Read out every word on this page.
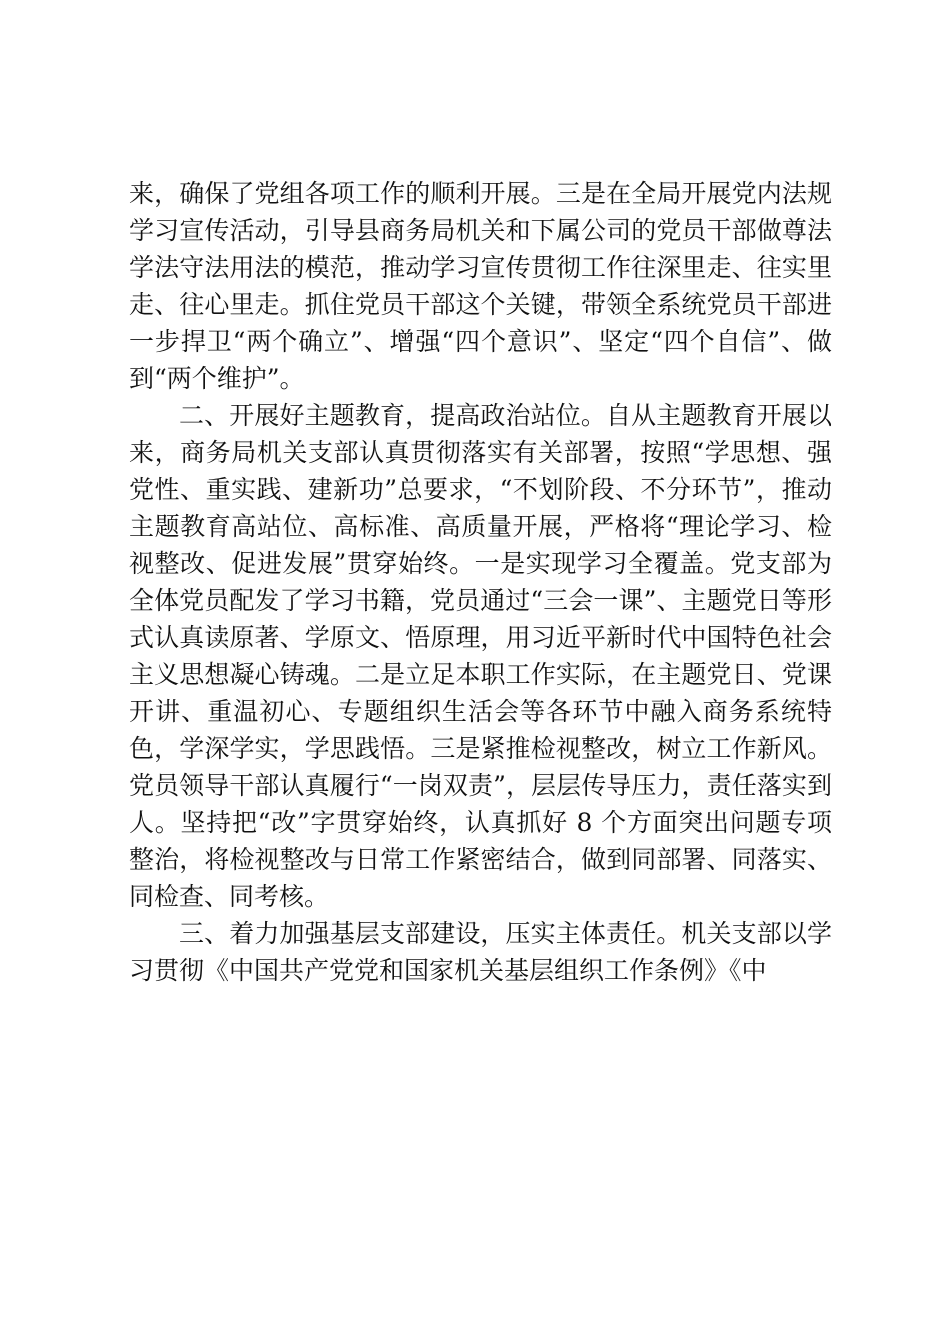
来，确保了党组各项工作的顺利开展。三是在全局开展党内法规学习宣传活动，引导县商务局机关和下属公司的党员干部做尊法学法守法用法的模范，推动学习宣传贯彻工作往深里走、往实里走、往心里走。抓住党员干部这个关键，带领全系统党员干部进一步捍卫“两个确立”、增强“四个意识”、坚定“四个自信”、做到“两个维护”。

二、开展好主题教育，提高政治站位。自从主题教育开展以来，商务局机关支部认真贯彻落实有关部署，按照“学思想、强党性、重实践、建新功”总要求，“不划阶段、不分环节”，推动主题教育高站位、高标准、高质量开展，严格将“理论学习、检视整改、促进发展”贯穿始终。一是实现学习全覆盖。党支部为全体党员配发了学习书籍，党员通过“三会一课”、主题党日等形式认真读原著、学原文、悟原理，用习近平新时代中国特色社会主义思想凝心铸魂。二是立足本职工作实际，在主题党日、党课开讲、重温初心、专题组织生活会等各环节中融入商务系统特色，学深学实，学思践悟。三是紧推检视整改，树立工作新风。党员领导干部认真履行“一岗双责”，层层传导压力，责任落实到人。坚持把“改”字贯穿始终，认真抓好 8 个方面突出问题专项整治，将检视整改与日常工作紧密结合，做到同部署、同落实、同检查、同考核。

三、着力加强基层支部建设，压实主体责任。机关支部以学习贯彻《中国共产党党和国家机关基层组织工作条例》《中
